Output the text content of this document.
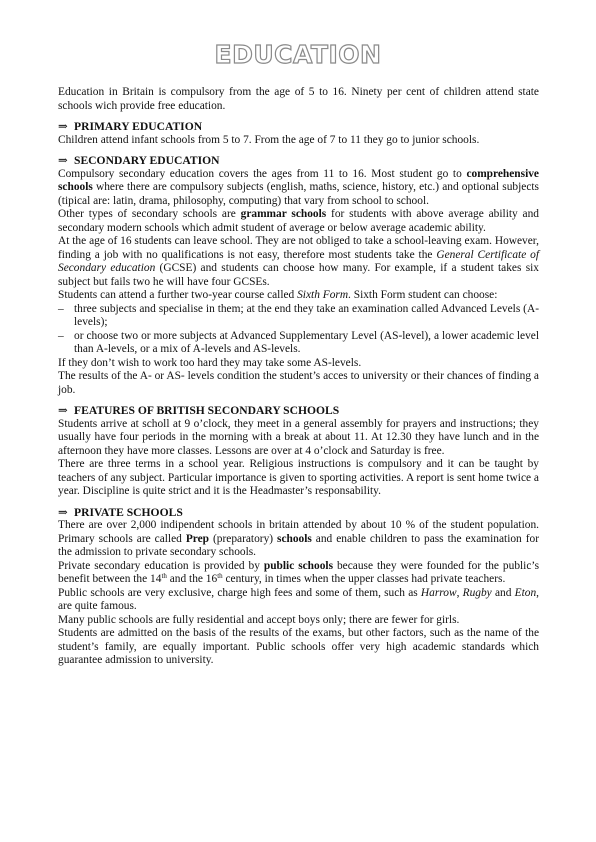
EDUCATION

Education in Britain is compulsory from the age of 5 to 16. Ninety per cent of children attend state schools wich provide free education.

⇒ PRIMARY EDUCATION

Children attend infant schools from 5 to 7. From the age of 7 to 11 they go to junior schools.

⇒ SECONDARY EDUCATION

Compulsory secondary education covers the ages from 11 to 16. Most student go to comprehensive schools where there are compulsory subjects (english, maths, science, history, etc.) and optional subjects (tipical are: latin, drama, philosophy, computing) that vary from school to school.

Other types of secondary schools are grammar schools for students with above average ability and secondary modern schools which admit student of average or below average academic ability.

At the age of 16 students can leave school. They are not obliged to take a school-leaving exam. However, finding a job with no qualifications is not easy, therefore most students take the General Certificate of Secondary education (GCSE) and students can choose how many. For example, if a student takes six subject but fails two he will have four GCSEs.

Students can attend a further two-year course called Sixth Form. Sixth Form student can choose:

– three subjects and specialise in them; at the end they take an examination called Advanced Levels (A-levels);
– or choose two or more subjects at Advanced Supplementary Level (AS-level), a lower academic level than A-levels, or a mix of A-levels and AS-levels.

If they don’t wish to work too hard they may take some AS-levels.

The results of the A- or AS- levels condition the student’s acces to university or their chances of finding a job.

⇒ FEATURES OF BRITISH SECONDARY SCHOOLS

Students arrive at scholl at 9 o’clock, they meet in a general assembly for prayers and instructions; they usually have four periods in the morning with a break at about 11. At 12.30 they have lunch and in the afternoon they have more classes. Lessons are over at 4 o’clock and Saturday is free.

There are three terms in a school year. Religious instructions is compulsory and it can be taught by teachers of any subject. Particular importance is given to sporting activities. A report is sent home twice a year. Discipline is quite strict and it is the Headmaster’s responsability.

⇒ PRIVATE SCHOOLS

There are over 2,000 indipendent schools in britain attended by about 10 % of the student population. Primary schools are called Prep (preparatory) schools and enable children to pass the examination for the admission to private secondary schools.

Private secondary education is provided by public schools because they were founded for the public’s benefit between the 14th and the 16th century, in times when the upper classes had private teachers.

Public schools are very exclusive, charge high fees and some of them, such as Harrow, Rugby and Eton, are quite famous.

Many public schools are fully residential and accept boys only; there are fewer for girls.

Students are admitted on the basis of the results of the exams, but other factors, such as the name of the student’s family, are equally important. Public schools offer very high academic standards which guarantee admission to university.
